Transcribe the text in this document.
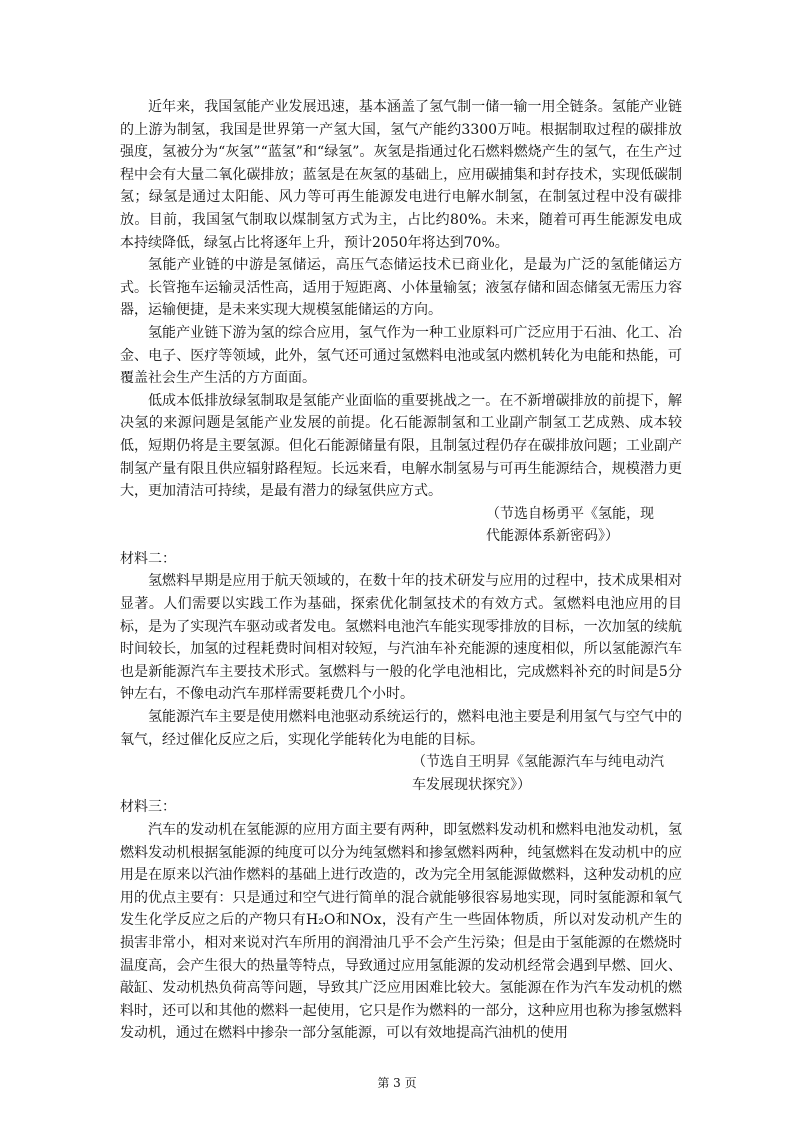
近年来，我国氢能产业发展迅速，基本涵盖了氢气制一储一输一用全链条。氢能产业链的上游为制氢，我国是世界第一产氢大国，氢气产能约3300万吨。根据制取过程的碳排放强度，氢被分为“灰氢”“蓝氢”和“绿氢”。灰氢是指通过化石燃料燃烧产生的氢气，在生产过程中会有大量二氧化碳排放；蓝氢是在灰氢的基础上，应用碳捕集和封存技术，实现低碳制氢；绿氢是通过太阳能、风力等可再生能源发电进行电解水制氢，在制氢过程中没有碳排放。目前，我国氢气制取以煤制氢方式为主，占比约80%。未来，随着可再生能源发电成本持续降低，绿氢占比将逐年上升，预计2050年将达到70%。

氢能产业链的中游是氢储运，高压气态储运技术已商业化，是最为广泛的氢能储运方式。长管拖车运输灵活性高，适用于短距离、小体量输氢；液氢存储和固态储氢无需压力容器，运输便捷，是未来实现大规模氢能储运的方向。

氢能产业链下游为氢的综合应用，氢气作为一种工业原料可广泛应用于石油、化工、冶金、电子、医疗等领域，此外，氢气还可通过氢燃料电池或氢内燃机转化为电能和热能，可覆盖社会生产生活的方方面面。

低成本低排放绿氢制取是氢能产业面临的重要挑战之一。在不新增碳排放的前提下，解决氢的来源问题是氢能产业发展的前提。化石能源制氢和工业副产制氢工艺成熟、成本较低，短期仍将是主要氢源。但化石能源储量有限，且制氢过程仍存在碳排放问题；工业副产制氢产量有限且供应辐射路程短。长远来看，电解水制氢易与可再生能源结合，规模潜力更大，更加清洁可持续，是最有潜力的绿氢供应方式。

（节选自杨勇平《氢能，现代能源体系新密码》）

材料二：

氢燃料早期是应用于航天领域的，在数十年的技术研发与应用的过程中，技术成果相对显著。人们需要以实践工作为基础，探索优化制氢技术的有效方式。氢燃料电池应用的目标，是为了实现汽车驱动或者发电。氢燃料电池汽车能实现零排放的目标，一次加氢的续航时间较长，加氢的过程耗费时间相对较短，与汽油车补充能源的速度相似，所以氢能源汽车也是新能源汽车主要技术形式。氢燃料与一般的化学电池相比，完成燃料补充的时间是5分钟左右，不像电动汽车那样需要耗费几个小时。

氢能源汽车主要是使用燃料电池驱动系统运行的，燃料电池主要是利用氢气与空气中的氧气，经过催化反应之后，实现化学能转化为电能的目标。

（节选自王明昇《氢能源汽车与纯电动汽车发展现状探究》）

材料三：

汽车的发动机在氢能源的应用方面主要有两种，即氢燃料发动机和燃料电池发动机，氢燃料发动机根据氢能源的纯度可以分为纯氢燃料和掺氢燃料两种，纯氢燃料在发动机中的应用是在原来以汽油作燃料的基础上进行改造的，改为完全用氢能源做燃料，这种发动机的应用的优点主要有：只是通过和空气进行简单的混合就能够很容易地实现，同时氢能源和氧气发生化学反应之后的产物只有H₂O和NOx，没有产生一些固体物质，所以对发动机产生的损害非常小，相对来说对汽车所用的润滑油几乎不会产生污染；但是由于氢能源的在燃烧时温度高，会产生很大的热量等特点，导致通过应用氢能源的发动机经常会遇到早燃、回火、敲缸、发动机热负荷高等问题，导致其广泛应用困难比较大。氢能源在作为汽车发动机的燃料时，还可以和其他的燃料一起使用，它只是作为燃料的一部分，这种应用也称为掺氢燃料发动机，通过在燃料中掺杂一部分氢能源，可以有效地提高汽油机的使用

第 3 页
